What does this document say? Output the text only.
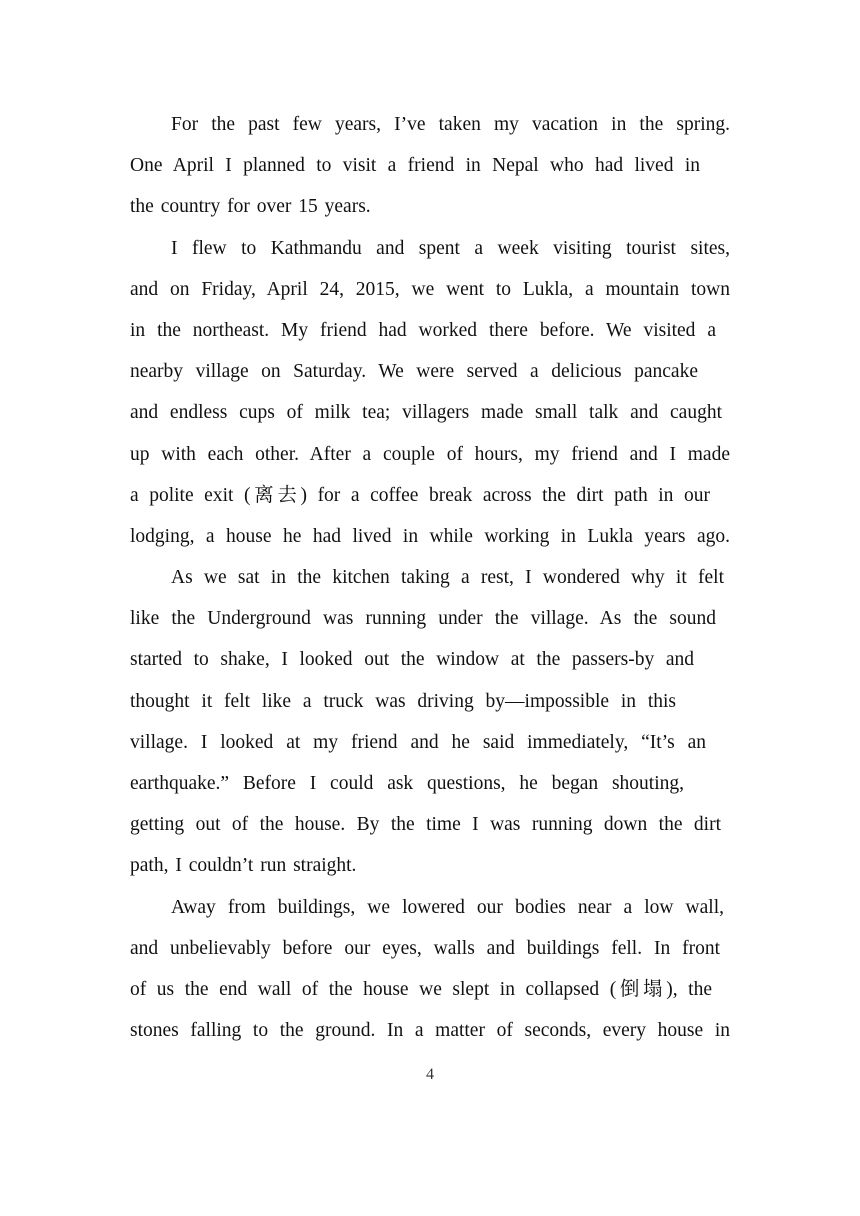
For the past few years, I’ve taken my vacation in the spring.
One April I planned to visit a friend in Nepal who had lived in
the country for over 15 years.
I flew to Kathmandu and spent a week visiting tourist sites,
and on Friday, April 24, 2015, we went to Lukla, a mountain town
in the northeast. My friend had worked there before. We visited a
nearby village on Saturday. We were served a delicious pancake
and endless cups of milk tea; villagers made small talk and caught
up with each other. After a couple of hours, my friend and I made
a polite exit (离去) for a coffee break across the dirt path in our
lodging, a house he had lived in while working in Lukla years ago.
As we sat in the kitchen taking a rest, I wondered why it felt
like the Underground was running under the village. As the sound
started to shake, I looked out the window at the passers-by and
thought it felt like a truck was driving by—impossible in this
village. I looked at my friend and he said immediately, “It’s an
earthquake.” Before I could ask questions, he began shouting,
getting out of the house. By the time I was running down the dirt
path, I couldn’t run straight.
Away from buildings, we lowered our bodies near a low wall,
and unbelievably before our eyes, walls and buildings fell. In front
of us the end wall of the house we slept in collapsed (倒塌), the
stones falling to the ground. In a matter of seconds, every house in
4
